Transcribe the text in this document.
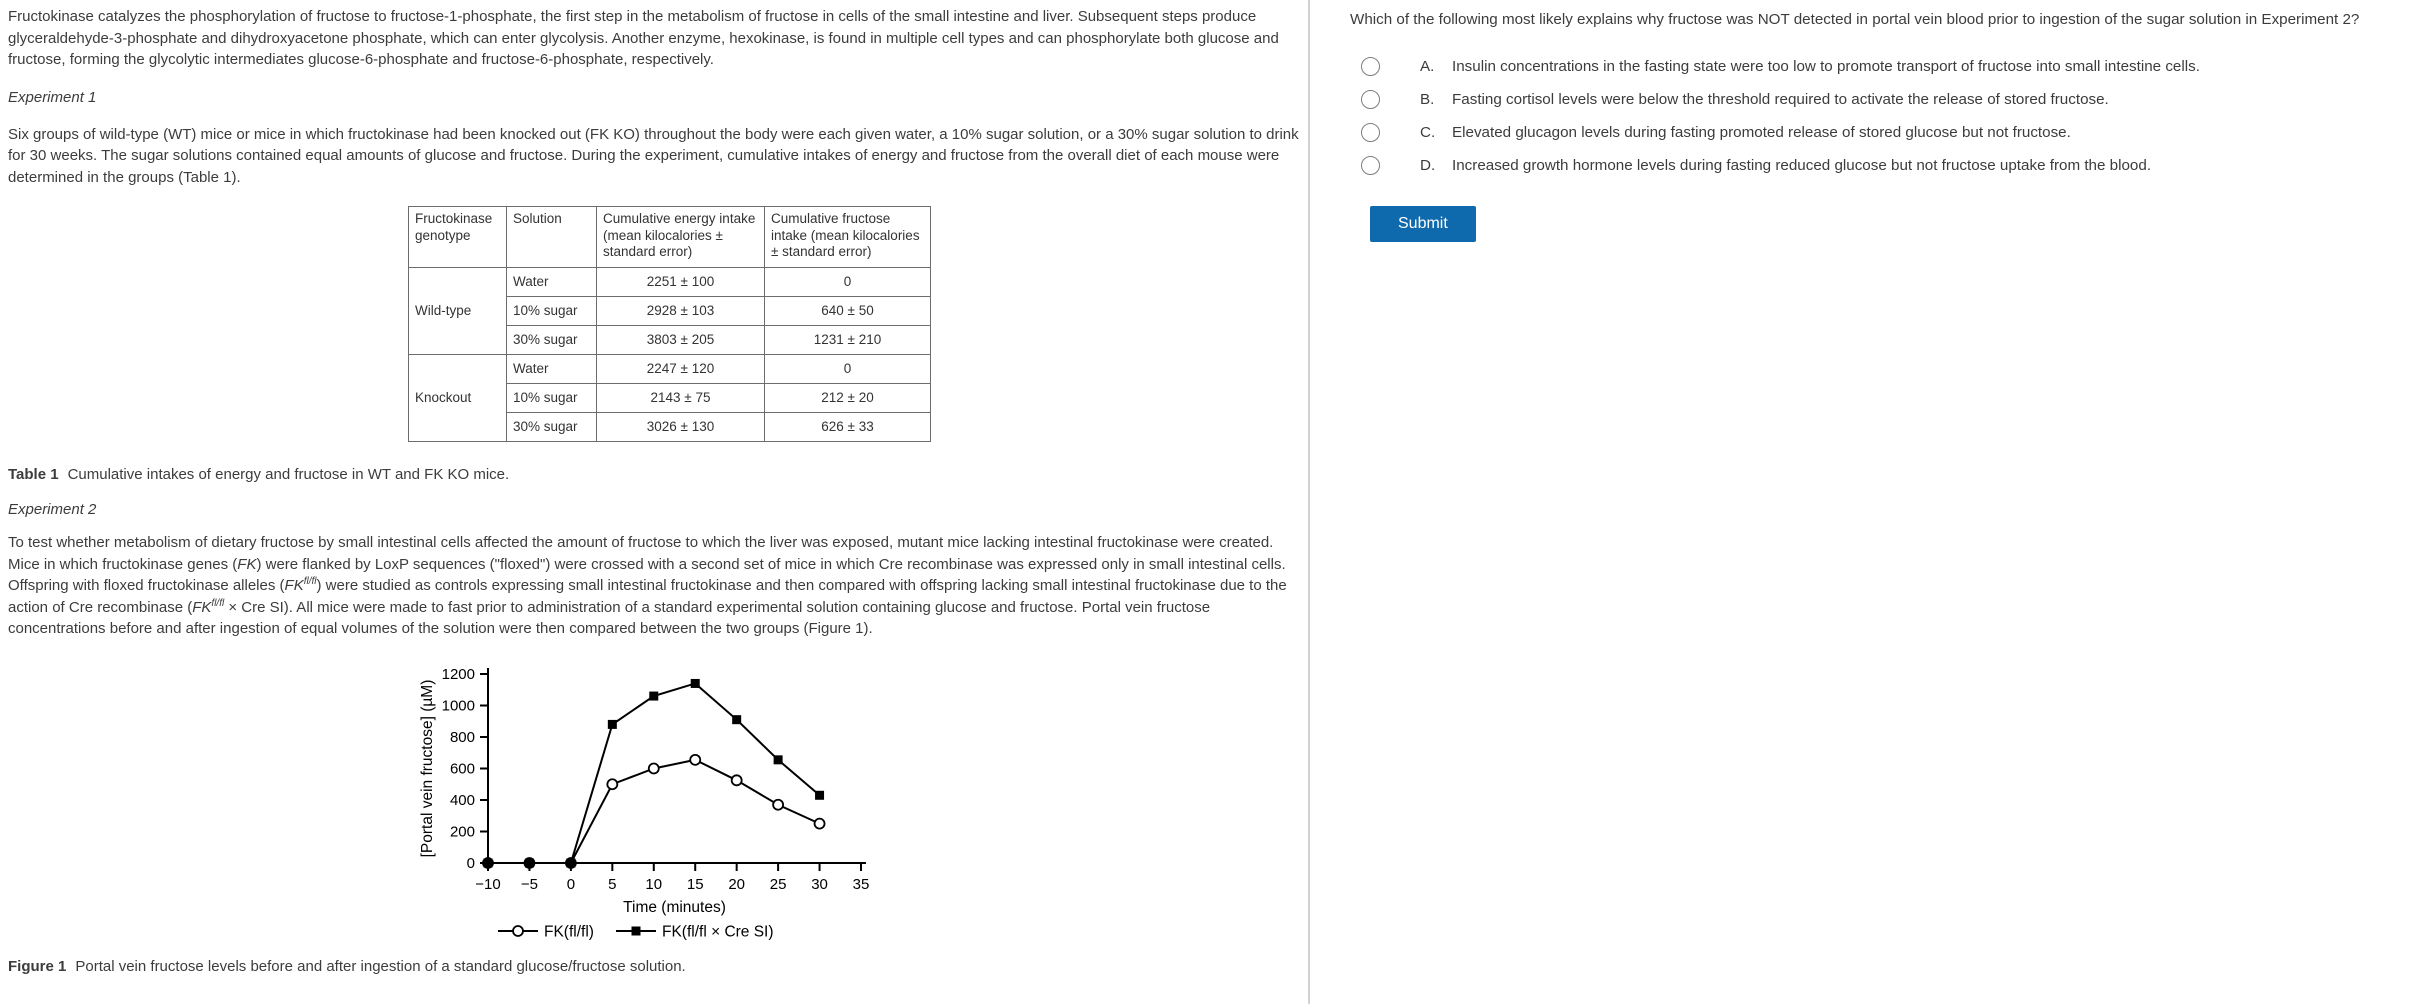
Fructokinase catalyzes the phosphorylation of fructose to fructose-1-phosphate, the first step in the metabolism of fructose in cells of the small intestine and liver. Subsequent steps produce glyceraldehyde-3-phosphate and dihydroxyacetone phosphate, which can enter glycolysis. Another enzyme, hexokinase, is found in multiple cell types and can phosphorylate both glucose and fructose, forming the glycolytic intermediates glucose-6-phosphate and fructose-6-phosphate, respectively.

Experiment 1

Six groups of wild-type (WT) mice or mice in which fructokinase had been knocked out (FK KO) throughout the body were each given water, a 10% sugar solution, or a 30% sugar solution to drink for 30 weeks. The sugar solutions contained equal amounts of glucose and fructose. During the experiment, cumulative intakes of energy and fructose from the overall diet of each mouse were determined in the groups (Table 1).

Fructokinase genotype	Solution	Cumulative energy intake (mean kilocalories ± standard error)	Cumulative fructose intake (mean kilocalories ± standard error)
Wild-type	Water	2251 ± 100	0
	10% sugar	2928 ± 103	640 ± 50
	30% sugar	3803 ± 205	1231 ± 210
Knockout	Water	2247 ± 120	0
	10% sugar	2143 ± 75	212 ± 20
	30% sugar	3026 ± 130	626 ± 33

Table 1 Cumulative intakes of energy and fructose in WT and FK KO mice.

Experiment 2

To test whether metabolism of dietary fructose by small intestinal cells affected the amount of fructose to which the liver was exposed, mutant mice lacking intestinal fructokinase were created. Mice in which fructokinase genes (FK) were flanked by LoxP sequences ("floxed") were crossed with a second set of mice in which Cre recombinase was expressed only in small intestinal cells. Offspring with floxed fructokinase alleles $(FK^{fl/fl})$ were studied as controls expressing small intestinal fructokinase and then compared with offspring lacking small intestinal fructokinase due to the action of Cre recombinase ($FK^{fl/fl}$ × Cre SI). All mice were made to fast prior to administration of a standard experimental solution containing glucose and fructose. Portal vein fructose concentrations before and after ingestion of equal volumes of the solution were then compared between the two groups (Figure 1).

0
200
400
600
800
1000
1200
−10 −5 0 5 10 15 20 25 30 35
[Portal vein fructose] (µM)
Time (minutes)
FK(fl/fl)	FK(fl/fl × Cre SI)

Figure 1 Portal vein fructose levels before and after ingestion of a standard glucose/fructose solution.

Which of the following most likely explains why fructose was NOT detected in portal vein blood prior to ingestion of the sugar solution in Experiment 2?

A.	Insulin concentrations in the fasting state were too low to promote transport of fructose into small intestine cells.
B.	Fasting cortisol levels were below the threshold required to activate the release of stored fructose.
C.	Elevated glucagon levels during fasting promoted release of stored glucose but not fructose.
D.	Increased growth hormone levels during fasting reduced glucose but not fructose uptake from the blood.
Submit
